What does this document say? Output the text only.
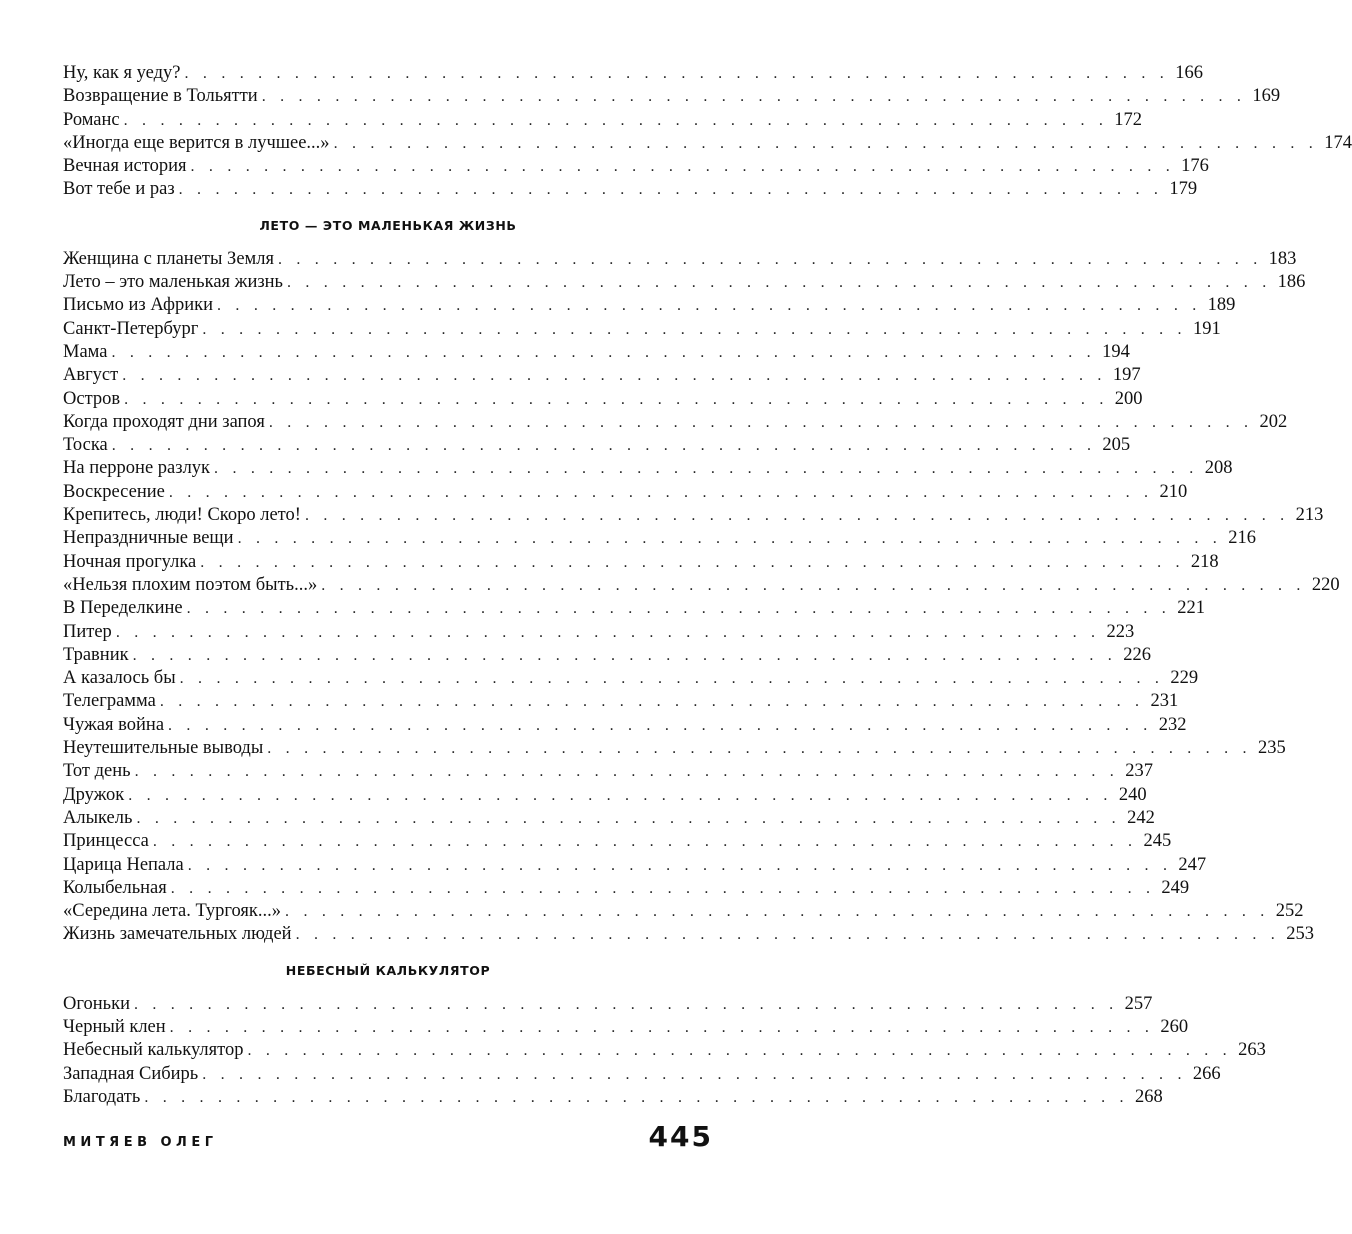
Ну, как я уеду? . . . . . . . . . . . . . . . . . . . . . . . . . . . . . . . . . . . . . . . . . . . . . . . . . . . . . . 166
Возвращение в Тольятти . . . . . . . . . . . . . . . . . . . . . . . . . . . . . . . . . . . . . . . . . . . . . . . . . . . . . . 169
Романс . . . . . . . . . . . . . . . . . . . . . . . . . . . . . . . . . . . . . . . . . . . . . . . . . . . . . . 172
«Иногда еще верится в лучшее...» . . . . . . . . . . . . . . . . . . . . . . . . . . . . . . . . . . . . . . . . . . . . . . . . . . . . . . 174
Вечная история . . . . . . . . . . . . . . . . . . . . . . . . . . . . . . . . . . . . . . . . . . . . . . . . . . . . . . 176
Вот тебе и раз . . . . . . . . . . . . . . . . . . . . . . . . . . . . . . . . . . . . . . . . . . . . . . . . . . . . . . 179
ЛЕТО — ЭТО МАЛЕНЬКАЯ ЖИЗНЬ
Женщина с планеты Земля . . . . . . . . . . . . . . . . . . . . . . . . . . . . . . . . . . . . . . . . . . . . . . . . . . . . . . 183
Лето – это маленькая жизнь . . . . . . . . . . . . . . . . . . . . . . . . . . . . . . . . . . . . . . . . . . . . . . . . . . . . . . 186
Письмо из Африки . . . . . . . . . . . . . . . . . . . . . . . . . . . . . . . . . . . . . . . . . . . . . . . . . . . . . . 189
Санкт-Петербург . . . . . . . . . . . . . . . . . . . . . . . . . . . . . . . . . . . . . . . . . . . . . . . . . . . . . . 191
Мама . . . . . . . . . . . . . . . . . . . . . . . . . . . . . . . . . . . . . . . . . . . . . . . . . . . . . . 194
Август . . . . . . . . . . . . . . . . . . . . . . . . . . . . . . . . . . . . . . . . . . . . . . . . . . . . . . 197
Остров . . . . . . . . . . . . . . . . . . . . . . . . . . . . . . . . . . . . . . . . . . . . . . . . . . . . . . 200
Когда проходят дни запоя . . . . . . . . . . . . . . . . . . . . . . . . . . . . . . . . . . . . . . . . . . . . . . . . . . . . . . 202
Тоска . . . . . . . . . . . . . . . . . . . . . . . . . . . . . . . . . . . . . . . . . . . . . . . . . . . . . . 205
На перроне разлук . . . . . . . . . . . . . . . . . . . . . . . . . . . . . . . . . . . . . . . . . . . . . . . . . . . . . . 208
Воскресение . . . . . . . . . . . . . . . . . . . . . . . . . . . . . . . . . . . . . . . . . . . . . . . . . . . . . . 210
Крепитесь, люди! Скоро лето! . . . . . . . . . . . . . . . . . . . . . . . . . . . . . . . . . . . . . . . . . . . . . . . . . . . . . . 213
Непраздничные вещи . . . . . . . . . . . . . . . . . . . . . . . . . . . . . . . . . . . . . . . . . . . . . . . . . . . . . . 216
Ночная прогулка . . . . . . . . . . . . . . . . . . . . . . . . . . . . . . . . . . . . . . . . . . . . . . . . . . . . . . 218
«Нельзя плохим поэтом быть...» . . . . . . . . . . . . . . . . . . . . . . . . . . . . . . . . . . . . . . . . . . . . . . . . . . . . . . 220
В Переделкине . . . . . . . . . . . . . . . . . . . . . . . . . . . . . . . . . . . . . . . . . . . . . . . . . . . . . . 221
Питер . . . . . . . . . . . . . . . . . . . . . . . . . . . . . . . . . . . . . . . . . . . . . . . . . . . . . . 223
Травник . . . . . . . . . . . . . . . . . . . . . . . . . . . . . . . . . . . . . . . . . . . . . . . . . . . . . . 226
А казалось бы . . . . . . . . . . . . . . . . . . . . . . . . . . . . . . . . . . . . . . . . . . . . . . . . . . . . . . 229
Телеграмма . . . . . . . . . . . . . . . . . . . . . . . . . . . . . . . . . . . . . . . . . . . . . . . . . . . . . . 231
Чужая война . . . . . . . . . . . . . . . . . . . . . . . . . . . . . . . . . . . . . . . . . . . . . . . . . . . . . . 232
Неутешительные выводы . . . . . . . . . . . . . . . . . . . . . . . . . . . . . . . . . . . . . . . . . . . . . . . . . . . . . . 235
Тот день . . . . . . . . . . . . . . . . . . . . . . . . . . . . . . . . . . . . . . . . . . . . . . . . . . . . . . 237
Дружок . . . . . . . . . . . . . . . . . . . . . . . . . . . . . . . . . . . . . . . . . . . . . . . . . . . . . . 240
Алыкель . . . . . . . . . . . . . . . . . . . . . . . . . . . . . . . . . . . . . . . . . . . . . . . . . . . . . . 242
Принцесса . . . . . . . . . . . . . . . . . . . . . . . . . . . . . . . . . . . . . . . . . . . . . . . . . . . . . . 245
Царица Непала . . . . . . . . . . . . . . . . . . . . . . . . . . . . . . . . . . . . . . . . . . . . . . . . . . . . . . 247
Колыбельная . . . . . . . . . . . . . . . . . . . . . . . . . . . . . . . . . . . . . . . . . . . . . . . . . . . . . . 249
«Середина лета. Тургояк...» . . . . . . . . . . . . . . . . . . . . . . . . . . . . . . . . . . . . . . . . . . . . . . . . . . . . . . 252
Жизнь замечательных людей . . . . . . . . . . . . . . . . . . . . . . . . . . . . . . . . . . . . . . . . . . . . . . . . . . . . . . 253
НЕБЕСНЫЙ КАЛЬКУЛЯТОР
Огоньки . . . . . . . . . . . . . . . . . . . . . . . . . . . . . . . . . . . . . . . . . . . . . . . . . . . . . . 257
Черный клен . . . . . . . . . . . . . . . . . . . . . . . . . . . . . . . . . . . . . . . . . . . . . . . . . . . . . . 260
Небесный калькулятор . . . . . . . . . . . . . . . . . . . . . . . . . . . . . . . . . . . . . . . . . . . . . . . . . . . . . . 263
Западная Сибирь . . . . . . . . . . . . . . . . . . . . . . . . . . . . . . . . . . . . . . . . . . . . . . . . . . . . . . 266
Благодать . . . . . . . . . . . . . . . . . . . . . . . . . . . . . . . . . . . . . . . . . . . . . . . . . . . . . . 268
МИТЯЕВ ОЛЕГ	445
